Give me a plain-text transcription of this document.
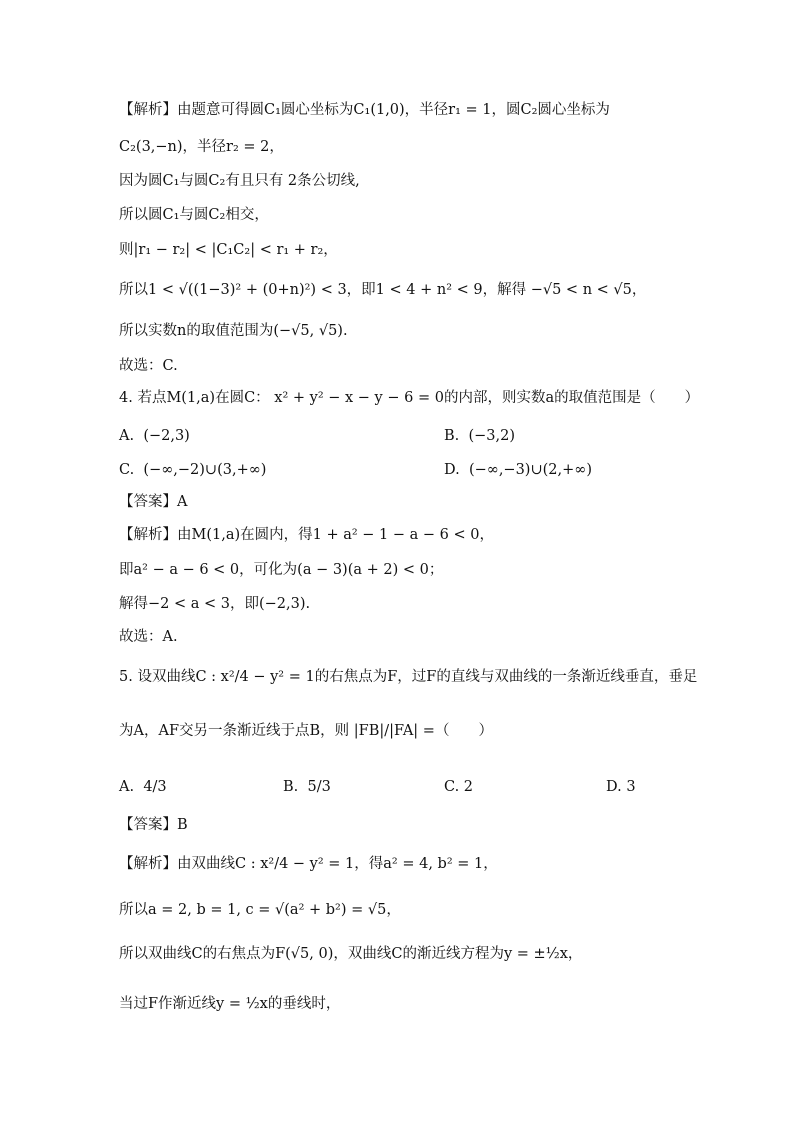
【解析】由题意可得圆C₁圆心坐标为C₁(1,0)，半径r₁ = 1，圆C₂圆心坐标为
C₂(3,−n)，半径r₂ = 2，
因为圆C₁与圆C₂有且只有 2条公切线,
所以圆C₁与圆C₂相交，
则|r₁ − r₂| < |C₁C₂| < r₁ + r₂，
所以1 < √((1−3)² + (0+n)²) < 3，即1 < 4 + n² < 9，解得 −√5 < n < √5，
所以实数n的取值范围为(−√5, √5).
故选：C.
4. 若点M(1,a)在圆C： x² + y² − x − y − 6 = 0的内部，则实数a的取值范围是（　　）
A. (−2,3)	B. (−3,2)
C. (−∞,−2)∪(3,+∞)	D. (−∞,−3)∪(2,+∞)
【答案】A
【解析】由M(1,a)在圆内，得1 + a² − 1 − a − 6 < 0，
即a² − a − 6 < 0，可化为(a − 3)(a + 2) < 0；
解得−2 < a < 3，即(−2,3).
故选：A.
5. 设双曲线C : x²/4 − y² = 1的右焦点为F，过F的直线与双曲线的一条渐近线垂直，垂足
为A，AF交另一条渐近线于点B，则 |FB|/|FA| =（　　）
A. 4/3	B. 5/3	C. 2	D. 3
【答案】B
【解析】由双曲线C : x²/4 − y² = 1，得a² = 4, b² = 1，
所以a = 2, b = 1, c = √(a² + b²) = √5，
所以双曲线C的右焦点为F(√5, 0)，双曲线C的渐近线方程为y = ±½x，
当过F作渐近线y = ½x的垂线时，
